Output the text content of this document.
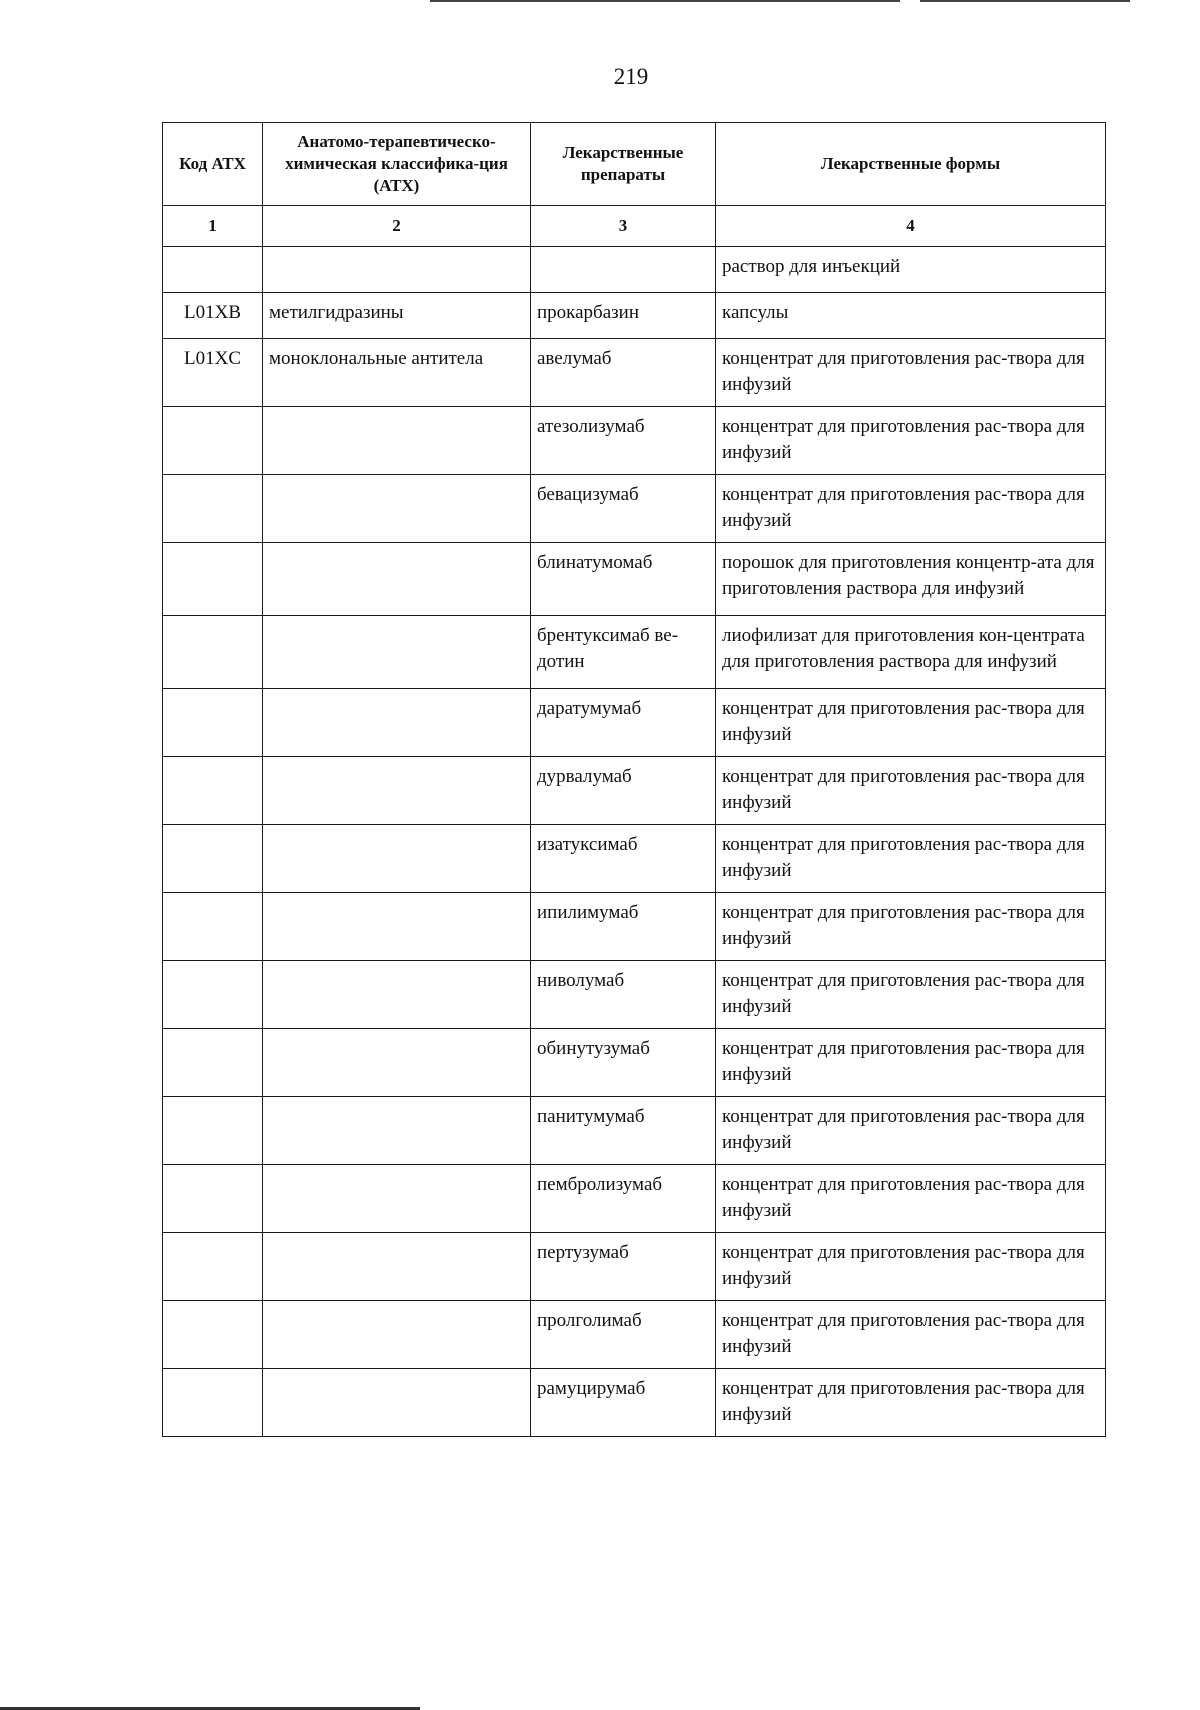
219
Код АТХ	Анатомо-терапевтическо-химическая классифика-ция (АТХ)	Лекарственные препараты	Лекарственные формы
1	2	3	4
			раствор для инъекций
L01XB	метилгидразины	прокарбазин	капсулы
L01XC	моноклональные антитела	авелумаб	концентрат для приготовления рас-твора для инфузий
		атезолизумаб	концентрат для приготовления рас-твора для инфузий
		бевацизумаб	концентрат для приготовления рас-твора для инфузий
		блинатумомаб	порошок для приготовления концентр-ата для приготовления раствора для инфузий
		брентуксимаб ве-дотин	лиофилизат для приготовления кон-центрата для приготовления раствора для инфузий
		даратумумаб	концентрат для приготовления рас-твора для инфузий
		дурвалумаб	концентрат для приготовления рас-твора для инфузий
		изатуксимаб	концентрат для приготовления рас-твора для инфузий
		ипилимумаб	концентрат для приготовления рас-твора для инфузий
		ниволумаб	концентрат для приготовления рас-твора для инфузий
		обинутузумаб	концентрат для приготовления рас-твора для инфузий
		панитумумаб	концентрат для приготовления рас-твора для инфузий
		пембролизумаб	концентрат для приготовления рас-твора для инфузий
		пертузумаб	концентрат для приготовления рас-твора для инфузий
		пролголимаб	концентрат для приготовления рас-твора для инфузий
		рамуцирумаб	концентрат для приготовления рас-твора для инфузий
